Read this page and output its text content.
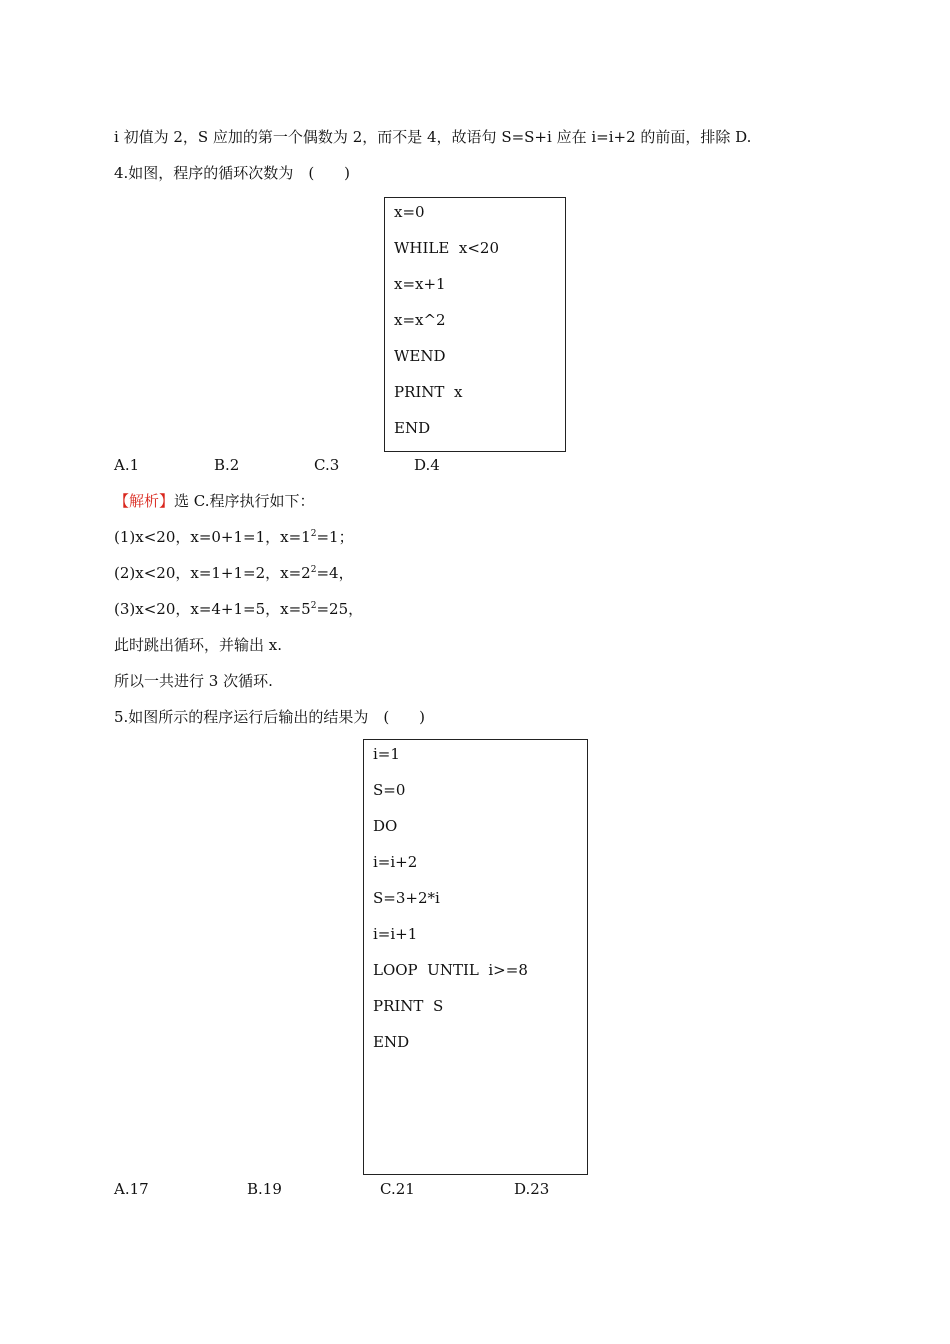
i 初值为 2，S 应加的第一个偶数为 2，而不是 4，故语句 S=S+i 应在 i=i+2 的前面，排除 D.
4.如图，程序的循环次数为　(　　)
x=0
WHILE  x<20
x=x+1
x=x^2
WEND
PRINT  x
END
A.1	B.2	C.3	D.4
【解析】选 C.程序执行如下：
(1)x<20，x=0+1=1，$x=1^2=1$；
(2)x<20，x=1+1=2，$x=2^2=4$，
(3)x<20，x=4+1=5，$x=5^2=25$，
此时跳出循环，并输出 x.
所以一共进行 3 次循环.
5.如图所示的程序运行后输出的结果为　(　　)
i=1
S=0
DO
i=i+2
S=3+2*i
i=i+1
LOOP  UNTIL  i>=8
PRINT  S
END
A.17	B.19	C.21	D.23
